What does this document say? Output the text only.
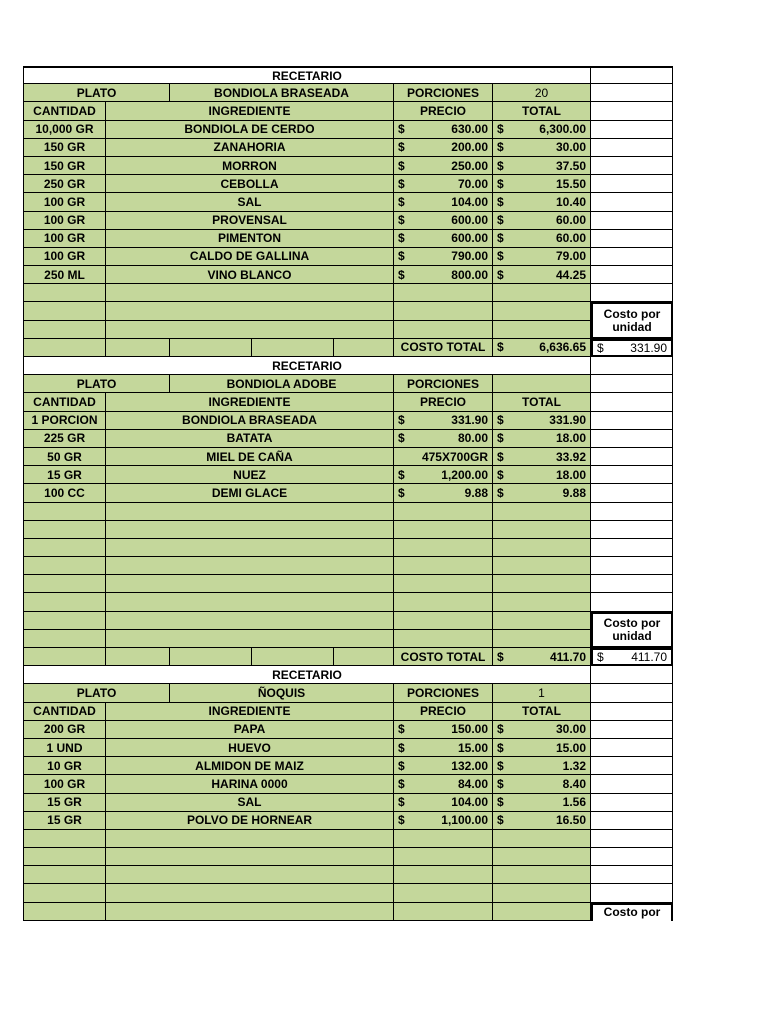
RECETARIO
PLATO	BONDIOLA BRASEADA	PORCIONES	20
CANTIDAD	INGREDIENTE	PRECIO	TOTAL
10,000 GR	BONDIOLA DE CERDO	$	630.00 $	6,300.00
150 GR	ZANAHORIA	$	200.00 $	30.00
150 GR	MORRON	$	250.00 $	37.50
250 GR	CEBOLLA	$	70.00 $	15.50
100 GR	SAL	$	104.00 $	10.40
100 GR	PROVENSAL	$	600.00 $	60.00
100 GR	PIMENTON	$	600.00 $	60.00
100 GR	CALDO DE GALLINA	$	790.00 $	79.00
250 ML	VINO BLANCO	$	800.00 $	44.25
Costo por
unidad
COSTO TOTAL $	6,636.65 $ 331.90
RECETARIO
PLATO	BONDIOLA ADOBE	PORCIONES
CANTIDAD	INGREDIENTE	PRECIO	TOTAL
1 PORCION	BONDIOLA BRASEADA	$	331.90 $	331.90
225 GR	BATATA	$	80.00 $	18.00
50 GR	MIEL DE CAÑA	475X700GR $	33.92
15 GR	NUEZ	$	1,200.00 $	18.00
100 CC	DEMI GLACE	$	9.88 $	9.88
Costo por
unidad
COSTO TOTAL $	411.70 $ 411.70
RECETARIO
PLATO	ÑOQUIS	PORCIONES	1
CANTIDAD	INGREDIENTE	PRECIO	TOTAL
200 GR	PAPA	$	150.00 $	30.00
1 UND	HUEVO	$	15.00 $	15.00
10 GR	ALMIDON DE MAIZ	$	132.00 $	1.32
100 GR	HARINA 0000	$	84.00 $	8.40
15 GR	SAL	$	104.00 $	1.56
15 GR	POLVO DE HORNEAR	$	1,100.00 $	16.50
Costo por
